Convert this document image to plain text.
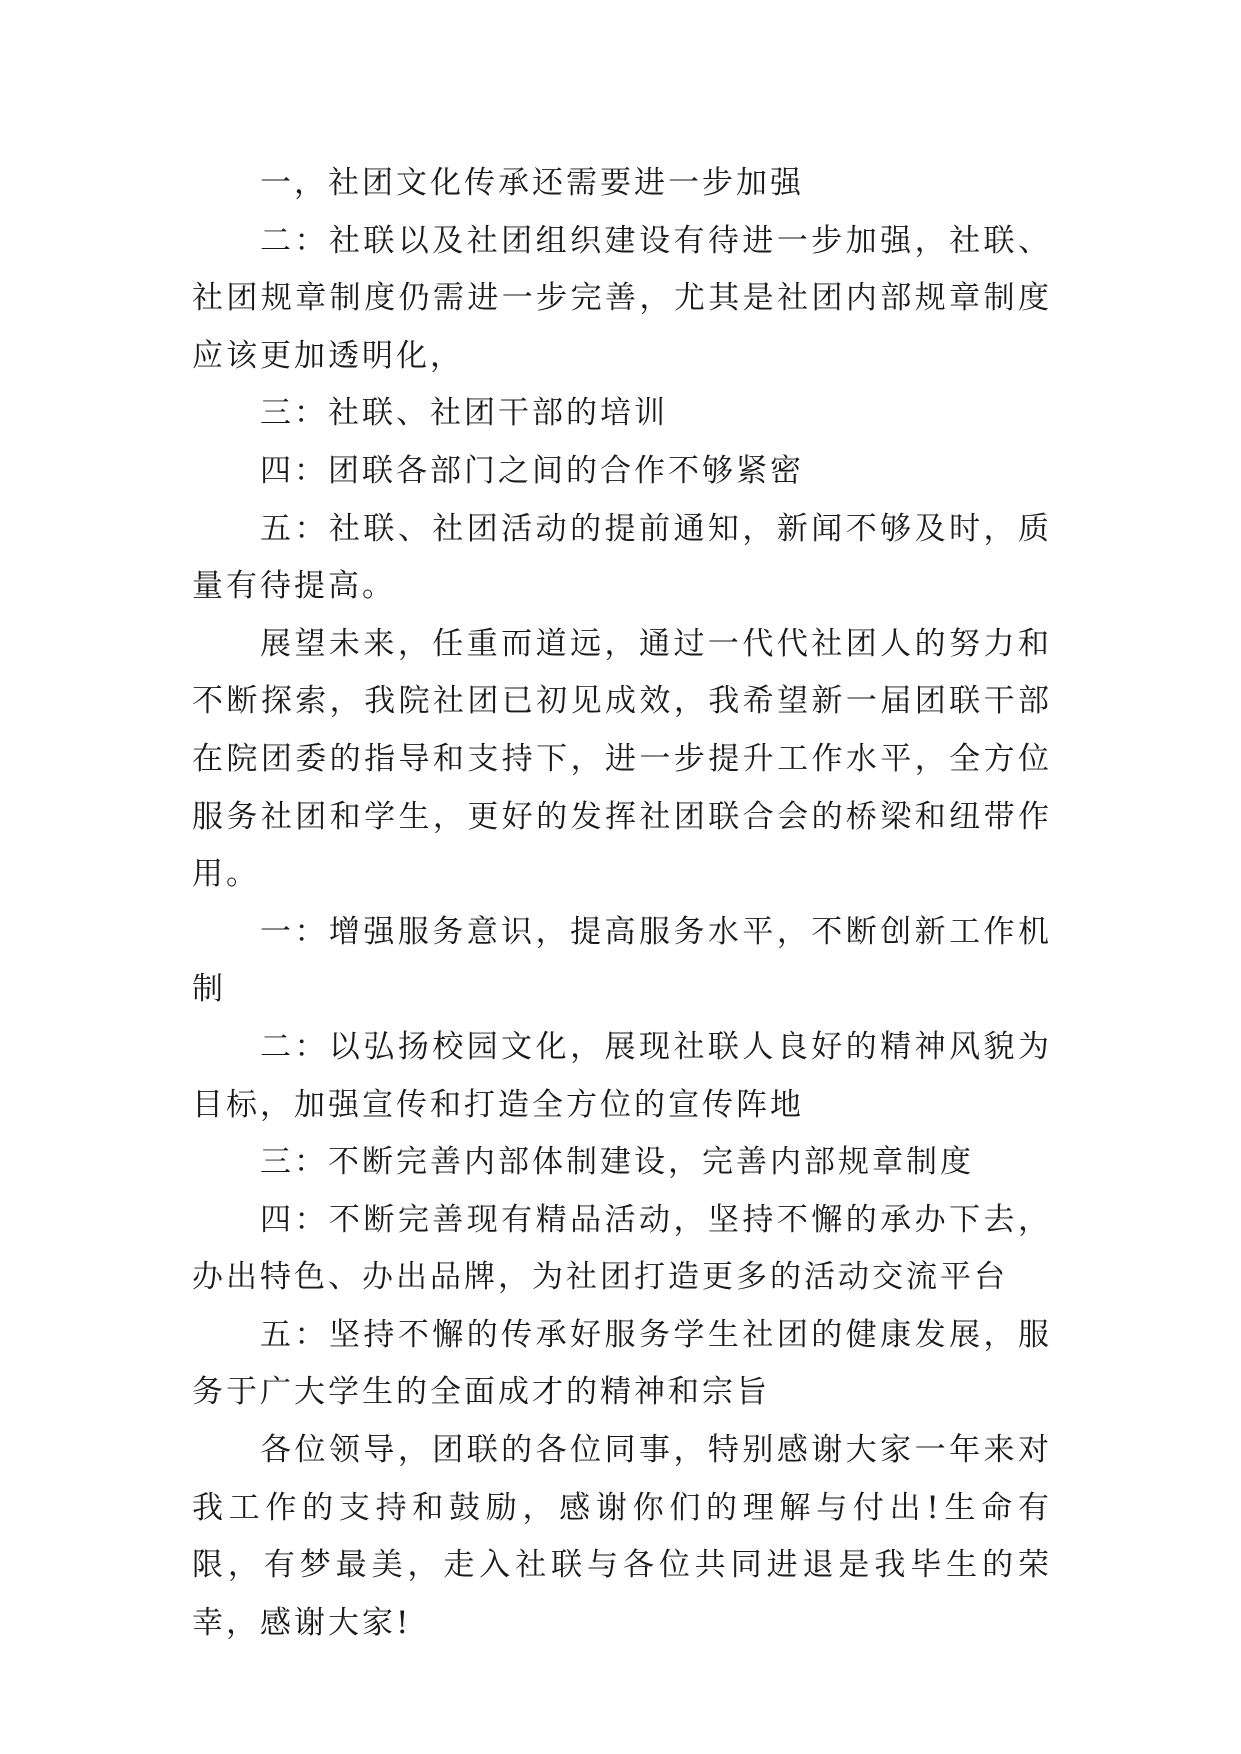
一，社团文化传承还需要进一步加强

二：社联以及社团组织建设有待进一步加强，社联、社团规章制度仍需进一步完善，尤其是社团内部规章制度应该更加透明化，

三：社联、社团干部的培训

四：团联各部门之间的合作不够紧密

五：社联、社团活动的提前通知，新闻不够及时，质量有待提高。

展望未来，任重而道远，通过一代代社团人的努力和不断探索，我院社团已初见成效，我希望新一届团联干部在院团委的指导和支持下，进一步提升工作水平，全方位服务社团和学生，更好的发挥社团联合会的桥梁和纽带作用。

一：增强服务意识，提高服务水平，不断创新工作机制

二：以弘扬校园文化，展现社联人良好的精神风貌为目标，加强宣传和打造全方位的宣传阵地

三：不断完善内部体制建设，完善内部规章制度

四：不断完善现有精品活动，坚持不懈的承办下去，办出特色、办出品牌，为社团打造更多的活动交流平台

五：坚持不懈的传承好服务学生社团的健康发展，服务于广大学生的全面成才的精神和宗旨

各位领导，团联的各位同事，特别感谢大家一年来对我工作的支持和鼓励，感谢你们的理解与付出!生命有限，有梦最美，走入社联与各位共同进退是我毕生的荣幸，感谢大家!
